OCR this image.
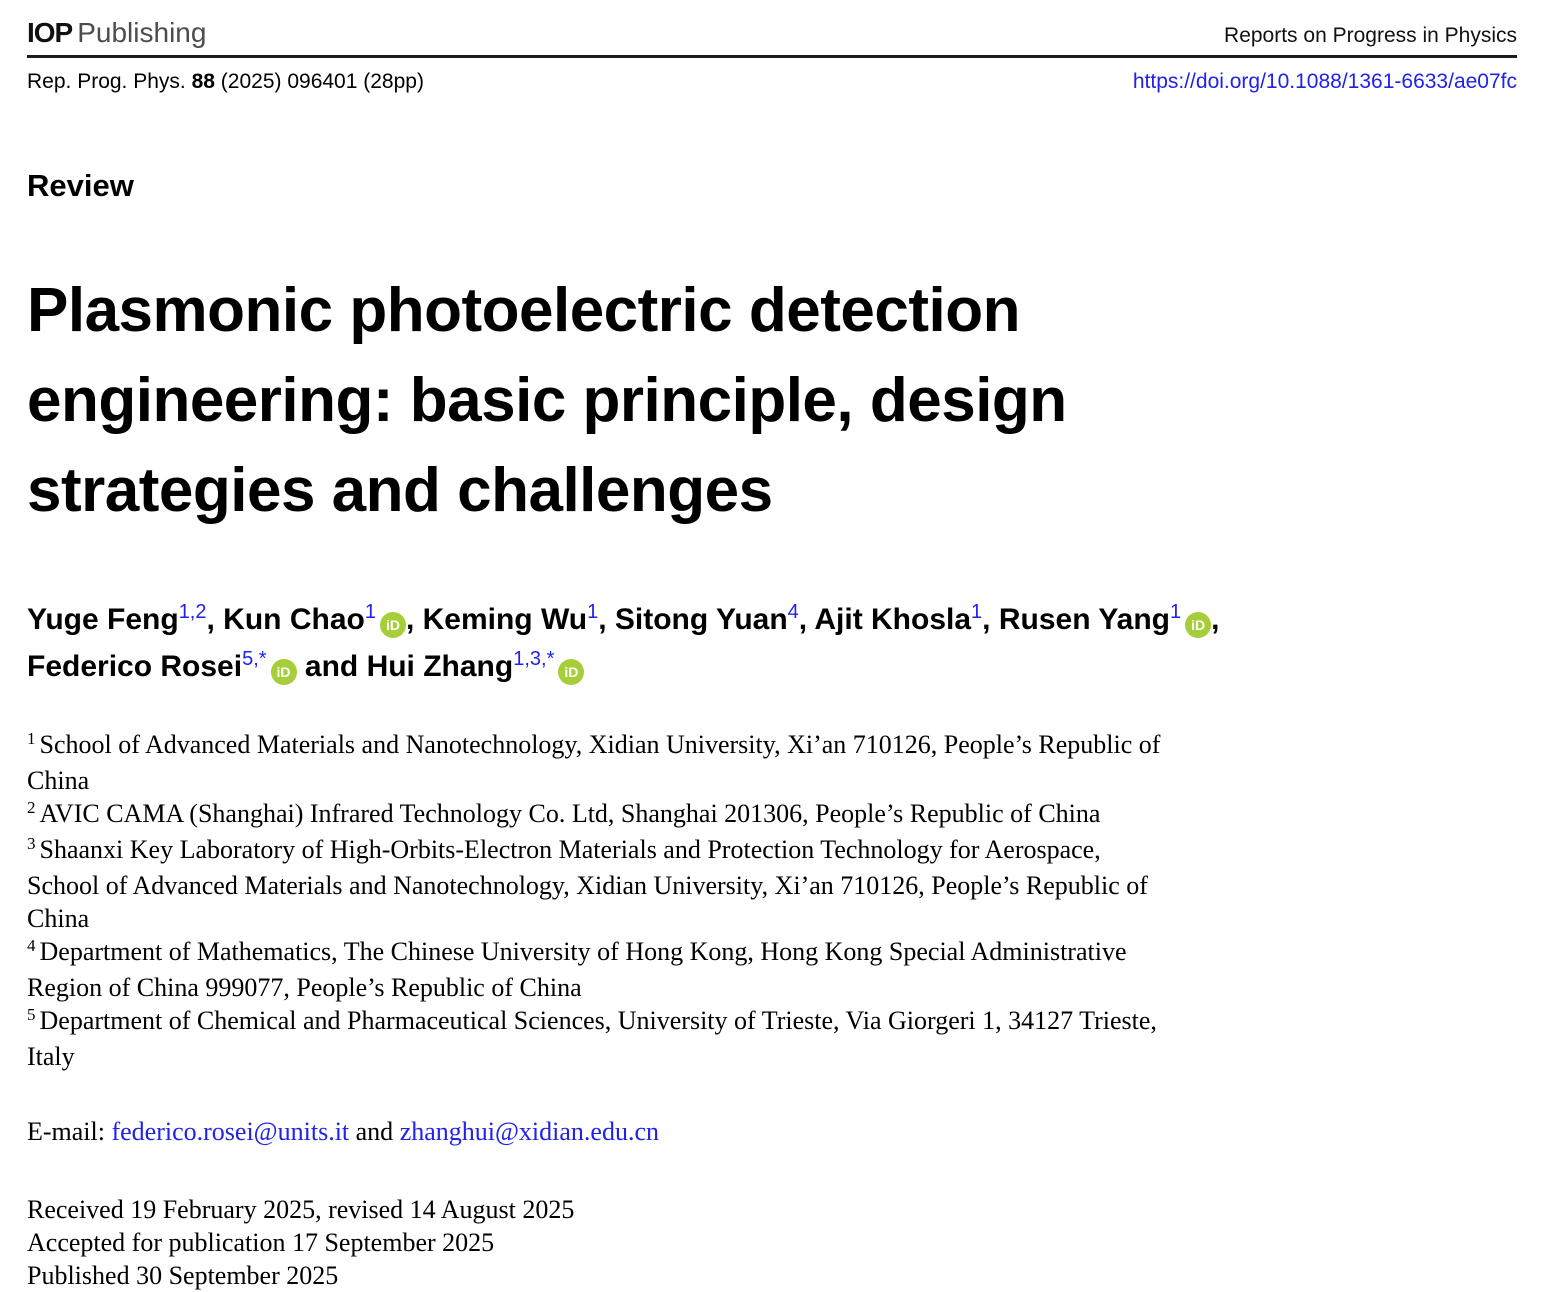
IOP Publishing	Reports on Progress in Physics
Rep. Prog. Phys. 88 (2025) 096401 (28pp)	https://doi.org/10.1088/1361-6633/ae07fc
Review
Plasmonic photoelectric detection
engineering: basic principle, design
strategies and challenges
Yuge Feng$^{1,2}$, Kun Chao$^1$iD , Keming Wu$^1$, Sitong Yuan$^4$, Ajit Khosla$^1$, Rusen Yang$^1$iD ,
Federico Rosei$^{5,*}$iD and Hui Zhang$^{1,3,*}$iD
$^1$ School of Advanced Materials and Nanotechnology, Xidian University, Xi’an 710126, People’s Republic of China
$^2$ AVIC CAMA (Shanghai) Infrared Technology Co. Ltd, Shanghai 201306, People’s Republic of China
$^3$ Shaanxi Key Laboratory of High-Orbits-Electron Materials and Protection Technology for Aerospace, School of Advanced Materials and Nanotechnology, Xidian University, Xi’an 710126, People’s Republic of China
$^4$ Department of Mathematics, The Chinese University of Hong Kong, Hong Kong Special Administrative Region of China 999077, People’s Republic of China
$^5$ Department of Chemical and Pharmaceutical Sciences, University of Trieste, Via Giorgeri 1, 34127 Trieste, Italy
E-mail: federico.rosei@units.it and zhanghui@xidian.edu.cn
Received 19 February 2025, revised 14 August 2025
Accepted for publication 17 September 2025
Published 30 September 2025
